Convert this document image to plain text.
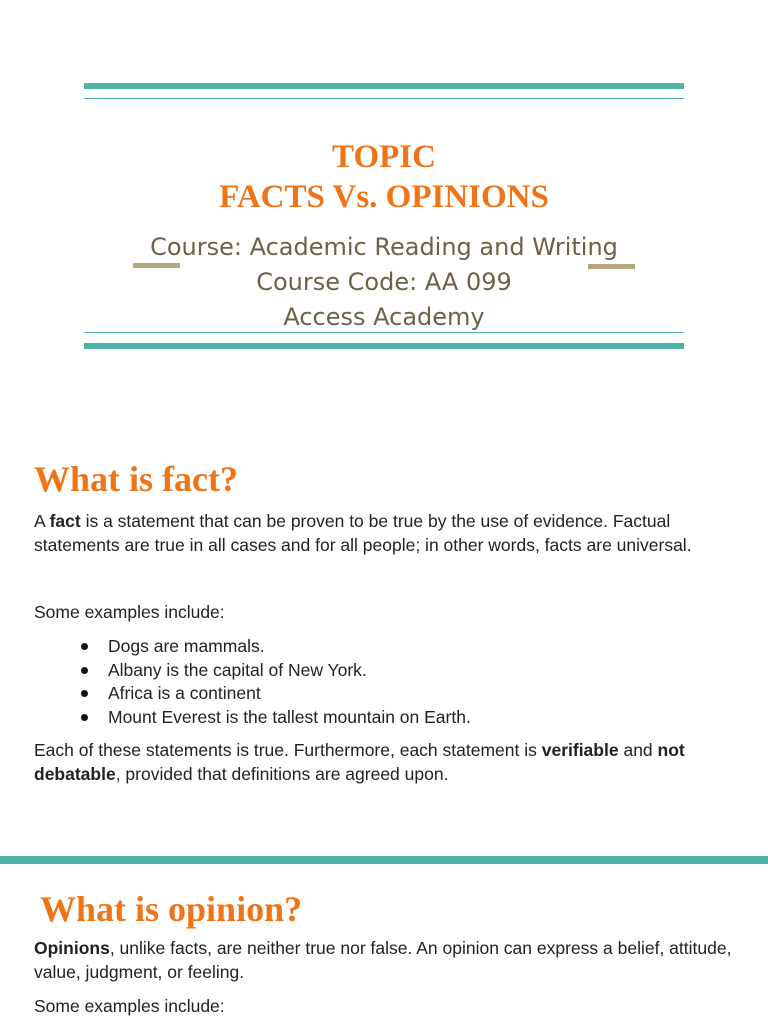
TOPIC
FACTS Vs. OPINIONS
Course: Academic Reading and Writing
Course Code: AA 099
Access Academy
What is fact?

A fact is a statement that can be proven to be true by the use of evidence. Factual statements are true in all cases and for all people; in other words, facts are universal.

Some examples include:

Dogs are mammals.
Albany is the capital of New York.
Africa is a continent
Mount Everest is the tallest mountain on Earth.

Each of these statements is true. Furthermore, each statement is verifiable and not debatable, provided that definitions are agreed upon.

What is opinion?

Opinions, unlike facts, are neither true nor false. An opinion can express a belief, attitude, value, judgment, or feeling.

Some examples include:
